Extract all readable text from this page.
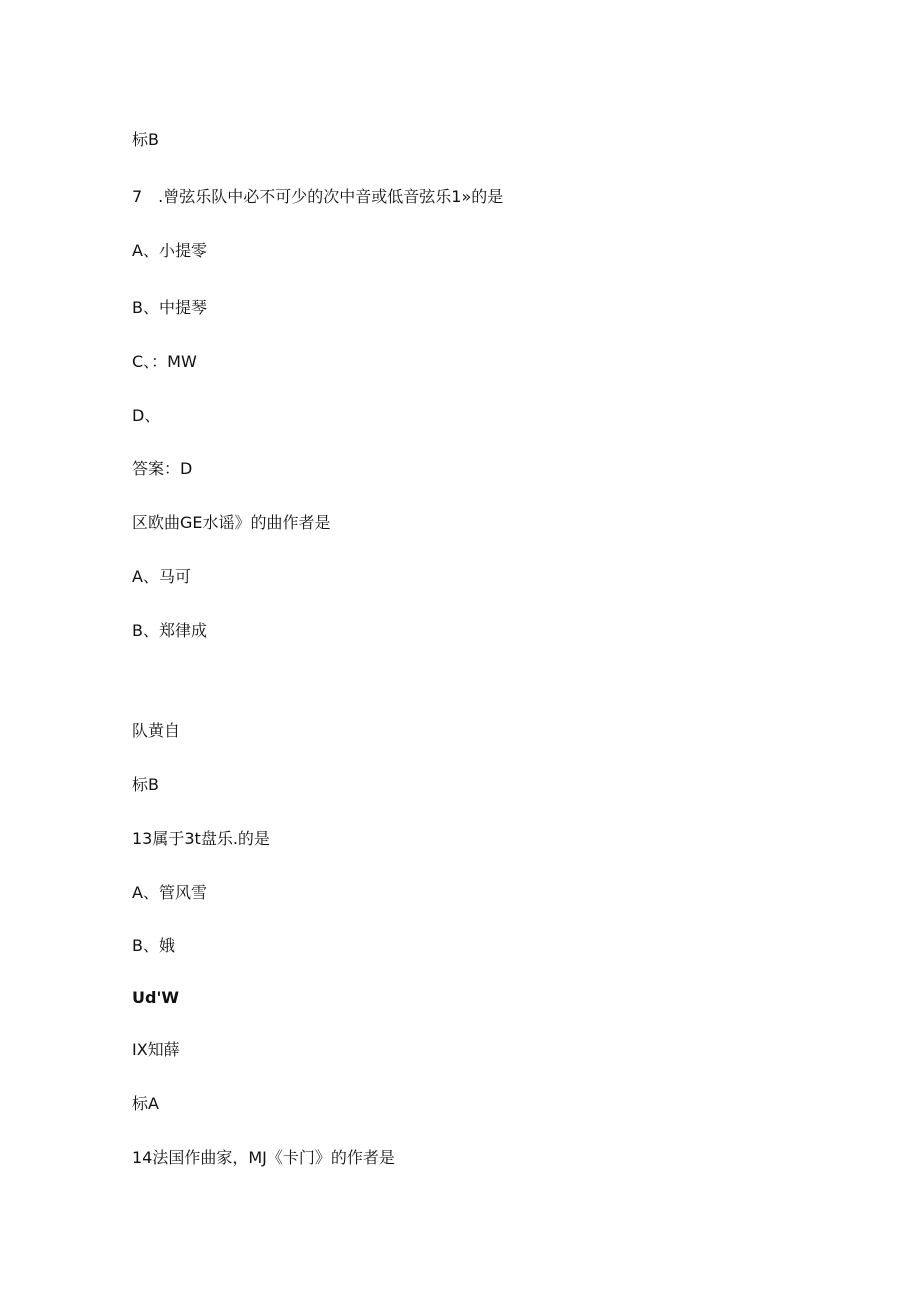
标B
7　.曾弦乐队中必不可少的次中音或低音弦乐1»的是
A、小提零
B、中提琴
C、：MW
D、
答案：D
区欧曲GE水谣》的曲作者是
A、马可
B、郑律成
队黄自
标B
13属于3t盘乐.的是
A、管风雪
B、娥
Ud'W
IX知薛
标A
14法国作曲家，MJ《卡门》的作者是
